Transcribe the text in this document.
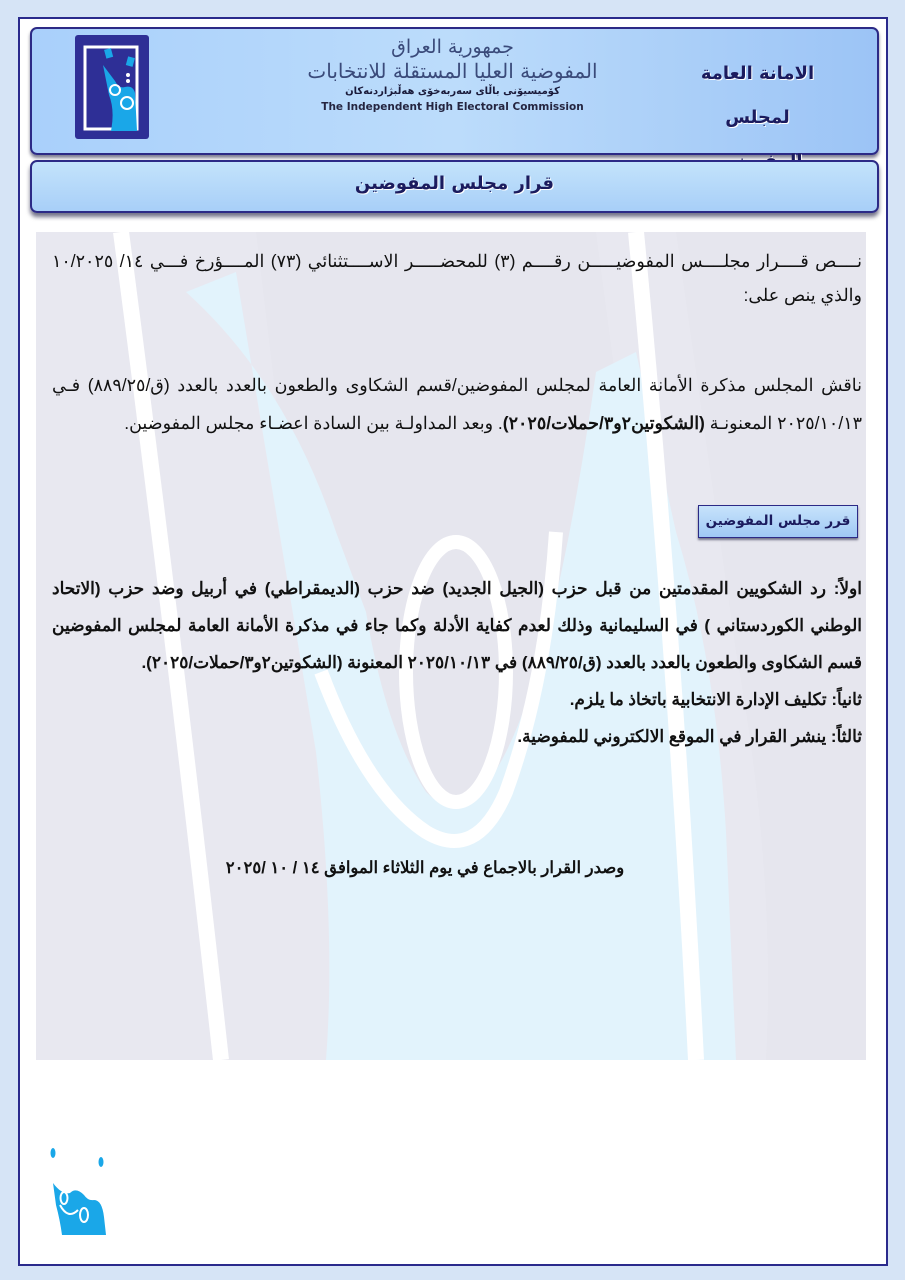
جمهورية العراق
المفوضية العليا المستقلة للانتخابات
کۆمیسیۆنی باڵای سەربەخۆی هەڵبژاردنەکان
The Independent High Electoral Commission
الامانة العامة
لمجلس
قرار مجلس المفوضين
نــــص قــــرار مجلــــس المفوضيـــــن رقــــم (٣) للمحضـــــر الاســــتثنائي (٧٣) المــــؤرخ فـــي ١٤/ ١٠/٢٠٢٥ والذي ينص على:
ناقش المجلس مذكرة الأمانة العامة لمجلس المفوضين/قسم الشكاوى والطعون بالعدد بالعدد (ق/٨٨٩/٢٥) فـي ٢٠٢٥/١٠/١٣ المعنونـة (الشكوتين٢و٣/حملات/٢٠٢٥). وبعد المداولـة بين السادة اعضـاء مجلس المفوضين.
قرر مجلس المفوضين
اولاً: رد الشكويين المقدمتين من قبل حزب (الجيل الجديد) ضد حزب (الديمقراطي) في أربيل وضد حزب (الاتحاد الوطني الكوردستاني ) في السليمانية وذلك لعدم كفاية الأدلة وكما جاء في مذكرة الأمانة العامة لمجلس المفوضين قسم الشكاوى والطعون بالعدد بالعدد (ق/٨٨٩/٢٥) في ٢٠٢٥/١٠/١٣ المعنونة (الشكوتين٢و٣/حملات/٢٠٢٥).
ثانياً: تكليف الإدارة الانتخابية باتخاذ ما يلزم.
ثالثاً: ينشر القرار في الموقع الالكتروني للمفوضية.
وصدر القرار بالاجماع في يوم الثلاثاء الموافق ١٤ / ١٠ /٢٠٢٥
